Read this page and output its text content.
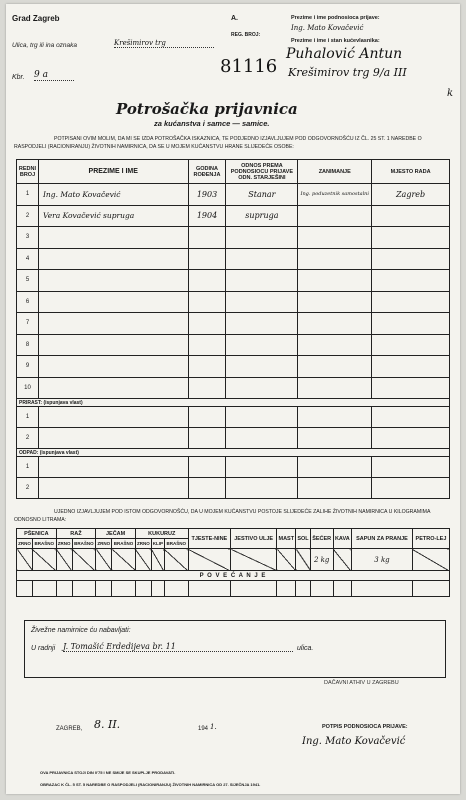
Grad Zagreb	A.	Prezime i ime podnosioca prijave:
Ing. Mato Kovačević
REG. BROJ:
81116
Ulica, trg ili ina oznaka	Krešimirov trg	Prezime i ime i stan kućevlasnika:
Puhalović Antun
Krešimirov trg 9/a III
k
Kbr. 9 a
Potrošačka prijavnica
za kućanstva i samce — samice.
POTPISANI OVIM MOLIM, DA MI SE IZDA POTROŠAČKA ISKAZNICA, TE PODJEDNO IZJAVLJUJEM POD ODGOVORNOŠĆU IZ ČL. 25 ST. 1 NAREDBE O RASPODJELI (RACIONIRANJU) ŽIVOTNIH NAMIRNICA, DA SE U MOJEM KUĆANSTVU HRANE SLIJEDEĆE OSOBE:
REDNI BROJ	PREZIME I IME	GODINA ROĐENJA	ODNOS PREMA PODNOSIOCU PRIJAVE ODN. STARJEŠINI	ZANIMANJE	MJESTO RADA
1	Ing. Mato Kovačević	1903	Stanar	Ing. poduzetnik samostalni	Zagreb
2	Vera Kovačević supruga	1904	supruga		
3					
4					
5					
6					
7					
8					
9					
10					
PRIRAST: (ispunjava vlast)					
1					
2					
ODPAD: (ispunjava vlast)					
1					
2					
UJEDNO IZJAVLJUJEM POD ISTOM ODGOVORNOŠĆU, DA U MOJEM KUĆANSTVU POSTOJE SLIJEDEĆE ZALIHE ŽIVOTNIH NAMIRNICA U KILOGRAMIMA ODNOSNO LITRAMA:
PŠENICA		RAŽ		JEČAM		KUKURUZ			TJESTE-NINE	JESTIVO ULJE	MAST	SOL	ŠEĆER	KAVA	SAPUN ZA PRANJE	PETRO-LEJ
ZRNO	BRAŠNO	ZRNO	BRAŠNO	ZRNO	BRAŠNO	ZRNO	KLIP	BRAŠNO								
													2 kg		3 kg	
P O V E Ć A N J E																

Živežne namirnice ću nabavljati:
U radnji J. Tomašić Erdedijeva br. 11	ulica.
DAČAVNI ATHIV U ZAGREBU
ZAGREB, 8. II.	194 1.	POTPIS PODNOSIOCA PRIJAVE:
Ing. Mato Kovačević
OVA PRIJAVNICA STOJI DIN 0'75 I NE SMIJE SE SKUPLJE PRODAVATI.
OBRAZAC K ČL. 5 ST. 5 NAREDBE O RASPODJELI (RACIONIRANJU) ŽIVOTNIH NAMIRNICA OD 27. SIJEČNJA 1941.
